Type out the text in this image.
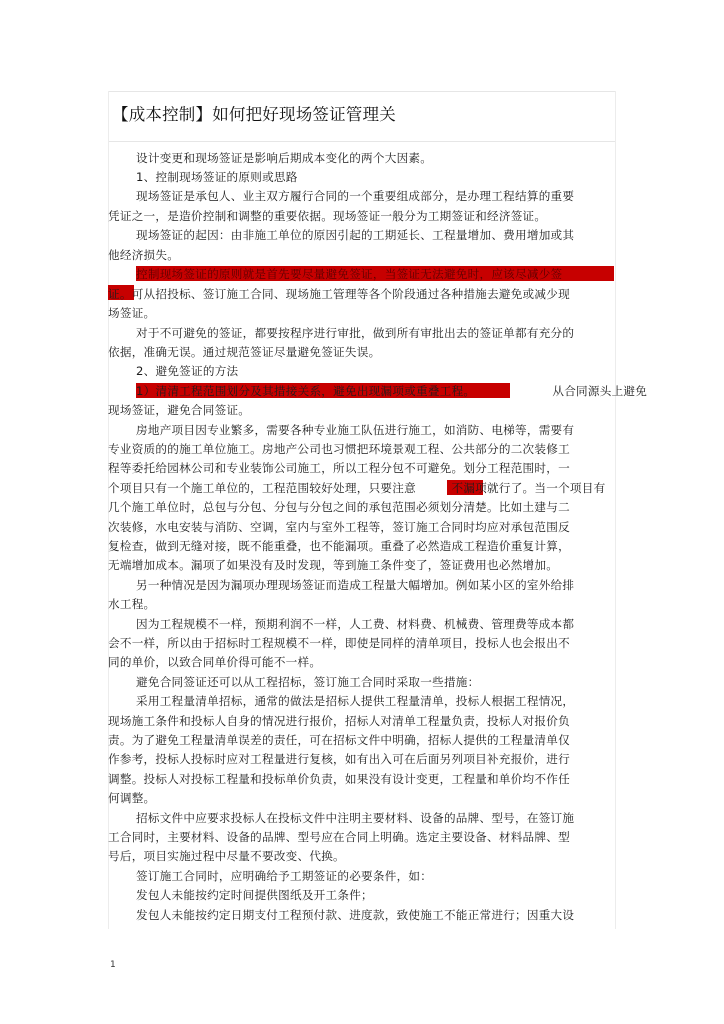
【成本控制】如何把好现场签证管理关
设计变更和现场签证是影响后期成本变化的两个大因素。
1、控制现场签证的原则或思路
现场签证是承包人、业主双方履行合同的一个重要组成部分，是办理工程结算的重要
凭证之一，是造价控制和调整的重要依据。现场签证一般分为工期签证和经济签证。
现场签证的起因：由非施工单位的原因引起的工期延长、工程量增加、费用增加或其
他经济损失。
控制现场签证的原则就是首先要尽量避免签证，当签证无法避免时，应该尽减少签
证。可从招投标、签订施工合同、现场施工管理等各个阶段通过各种措施去避免或减少现
场签证。
对于不可避免的签证，都要按程序进行审批，做到所有审批出去的签证单都有充分的
依据，准确无误。通过规范签证尽量避免签证失误。
2、避免签证的方法
1）清清工程范围划分及其措接关系，避免出现漏项或重叠工程。　　　　　　　从合同源头上避免
现场签证，避免合同签证。
房地产项目因专业繁多，需要各种专业施工队伍进行施工，如消防、电梯等，需要有
专业资质的的施工单位施工。房地产公司也习惯把环境景观工程、公共部分的二次装修工
程等委托给园林公司和专业装饰公司施工，所以工程分包不可避免。划分工程范围时，一
个项目只有一个施工单位的，工程范围较好处理，只要注意　　　不漏项就行了。当一个项目有
几个施工单位时，总包与分包、分包与分包之间的承包范围必须划分清楚。比如土建与二
次装修，水电安装与消防、空调，室内与室外工程等，签订施工合同时均应对承包范围反
复检查，做到无缝对接，既不能重叠，也不能漏项。重叠了必然造成工程造价重复计算，
无端增加成本。漏项了如果没有及时发现，等到施工条件变了，签证费用也必然增加。
另一种情况是因为漏项办理现场签证而造成工程量大幅增加。例如某小区的室外给排
水工程。
因为工程规模不一样，预期利润不一样，人工费、材料费、机械费、管理费等成本都
会不一样，所以由于招标时工程规模不一样，即使是同样的清单项目，投标人也会报出不
同的单价，以致合同单价得可能不一样。
避免合同签证还可以从工程招标，签订施工合同时采取一些措施：
采用工程量清单招标，通常的做法是招标人提供工程量清单，投标人根据工程情况，
现场施工条件和投标人自身的情况进行报价，招标人对清单工程量负责，投标人对报价负
责。为了避免工程量清单误差的责任，可在招标文件中明确，招标人提供的工程量清单仅
作参考，投标人投标时应对工程量进行复核，如有出入可在后面另列项目补充报价，进行
调整。投标人对投标工程量和投标单价负责，如果没有设计变更，工程量和单价均不作任
何调整。
招标文件中应要求投标人在投标文件中注明主要材料、设备的品牌、型号，在签订施
工合同时，主要材料、设备的品牌、型号应在合同上明确。选定主要设备、材料品牌、型
号后，项目实施过程中尽量不要改变、代换。
签订施工合同时，应明确给予工期签证的必要条件，如：
发包人未能按约定时间提供图纸及开工条件；
发包人未能按约定日期支付工程预付款、进度款，致使施工不能正常进行；因重大设
1
